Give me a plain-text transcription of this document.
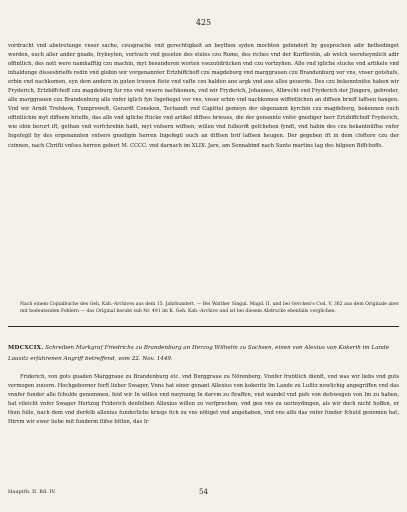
425

vordracht vnd abetretunge vnser sache, czusprache vnd gerechtigkeit an beythen syden mochten gehindert by gesprochen adir betbedinget werden, euch aller ander gnade, fryheyten, vortrach vnd gesetze des stules czu Rome, des riches vnd der Kurfürstin, ab welch wereheymlich adir offintlich, des nott were namhafftig czu machin, myt besunderen worten vsezuüdrücken vnd czu vortzyhen. Alle vnd igliche stucke vnd artikele vnd inhaldunge dissesbrieffs redin vnd globin wir vorgenannter Ertzbiffchoff czu magdeburg vnd marggrauen czu Brandenburg vor vns, vnser gotshufs, erbin vnd nachkomen, eyn dem andern in guten truwen ftete vnd vafte czu halden ane argk vnd ane alles geuerde. Des czu bekenntnifse haben wir Fryderich, Ertzbiffchoff czu magdeburg fur vns vnd vnsere nachkomen, vnd wir Fryderich, Johannes, Albrecht vnd Fryderich der Jüngere, gebroder, alle marggrauen czu Brandenburg alle vnfer iglich fyn Ingefiegel vor vns, vnser erbin vnd nachkomen wiffintlichen an diffsen brieff laffsen hangen. Vnd wir Arndt Trefskow, Tumproweft, Gerardt Coneken, Techandt vnd Capittel gemeyn der obgenannt kyrchin czu magdeberg, bekennen ouch offintlichin myt diffsem brieffe, das alle vnd igliche ftücke vnd artikel diffses brieues, die der genannte vnfer gnediger herr Ertzbiffchoff Fryderich, wie obin berurt ift, gethan vnd vorfchrebin hadt, myt vnfsern wiffsen, willen vnd fulbordt gefchehen fyndt, vnd habin des czu bekantnüffse vnfer Ingefegil by des ergenannten vnfsers gnedigin herren Ingefegil ouch an diffsen brif laffsen heugen. Der gegeben ift in dem cloftere czu der czinnen, nach Chrifti vnfses herren gebort M. CCCC. vnd darnach im XLIX. Jare, am Sonnabind nach Sunte martins tag des hilgeen Biffchoffs.

Nach einem Copialbuche des Geh. Kab.-Archives aus dem 15. Jahrhundert. — Bei Walther Singul. Magd. II, und bei Gercken's Cod. V, 362 aus dem Originale aber mit bedeutenden Fehlern — das Original berubt sub Nr. 491 im K. Geh. Kab.-Archive und ist bei diesem Abdrucke ebenfalls verglichen.
MDCXCIX. Schreiben Markgraf Friedrichs zu Brandenburg an Herzog Wilhelm zu Sachsen, einen von Alexius von Kokerih im Lande Lausitz erfahrenen Angriff betreffend, vom 22. Nov. 1449.

Friderich, von gots guaden Marggraue zu Brandenburg etc. vnd Burggraue zu Nörenberg. Vnnfer fruntlich dienft, vnd was wir liebs vnd guts vermogen zuuorn. Hochgeborner furft lieber Swager, Vnns hat einer genant Allexius von kokeritz Im Lande zu Lufitz nowlichig angegriffen vnd das vnnfer funder alle fchulde genommen, feid wir In willen vnd meynung In darvm zu ftraffen, vnd wandel vnd pufs von defswegen von Im zu haben, hat vileicht vnfer Swager Hertzog Friderich denfelben Allexius willen zu verfprechen, vnd gen vns zu uerteydingen, als wir doch nicht hoffen, er thun folle, nach dem vnd derfelb allexius funderlichs kriegs fich zu vns nötiget vnd angehaben, vnd vns alfo das vnfer funder fchuld genomen hat, Hirvm wir ewer liebe mit funderm flifse bitten, das Ir

Hauptth. II. Bd. IV.	54
